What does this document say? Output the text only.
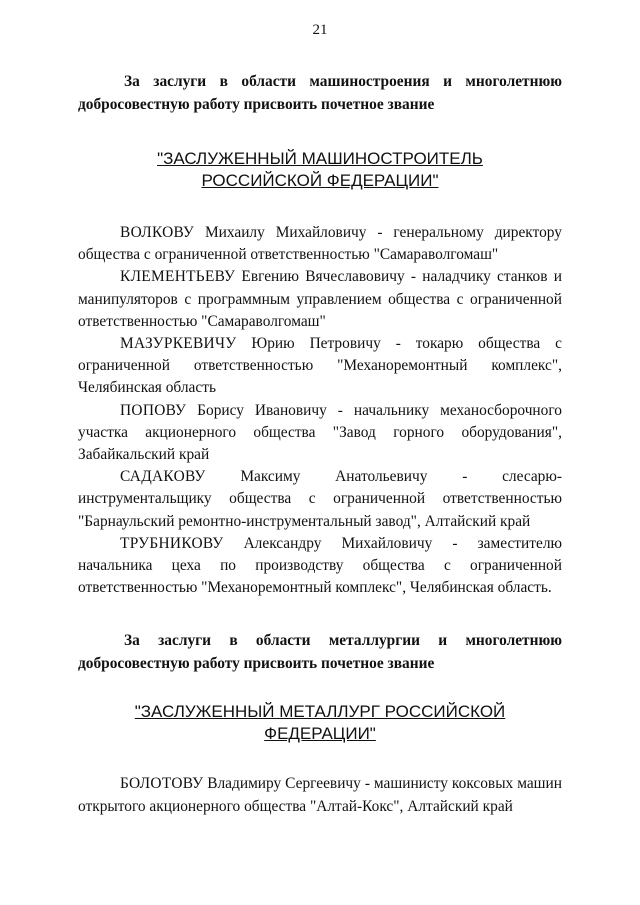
21

За заслуги в области машиностроения и многолетнюю добросовестную работу присвоить почетное звание

"ЗАСЛУЖЕННЫЙ МАШИНОСТРОИТЕЛЬ
РОССИЙСКОЙ ФЕДЕРАЦИИ"

ВОЛКОВУ Михаилу Михайловичу - генеральному директору общества с ограниченной ответственностью "Самараволгомаш"

КЛЕМЕНТЬЕВУ Евгению Вячеславовичу - наладчику станков и манипуляторов с программным управлением общества с ограниченной ответственностью "Самараволгомаш"

МАЗУРКЕВИЧУ Юрию Петровичу - токарю общества с ограниченной ответственностью "Механоремонтный комплекс", Челябинская область

ПОПОВУ Борису Ивановичу - начальнику механосборочного участка акционерного общества "Завод горного оборудования", Забайкальский край

САДАКОВУ Максиму Анатольевичу - слесарю-инструментальщику общества с ограниченной ответственностью "Барнаульский ремонтно-инструментальный завод", Алтайский край

ТРУБНИКОВУ Александру Михайловичу - заместителю начальника цеха по производству общества с ограниченной ответственностью "Механоремонтный комплекс", Челябинская область.

За заслуги в области металлургии и многолетнюю добросовестную работу присвоить почетное звание

"ЗАСЛУЖЕННЫЙ МЕТАЛЛУРГ РОССИЙСКОЙ ФЕДЕРАЦИИ"

БОЛОТОВУ Владимиру Сергеевичу - машинисту коксовых машин открытого акционерного общества "Алтай-Кокс", Алтайский край
